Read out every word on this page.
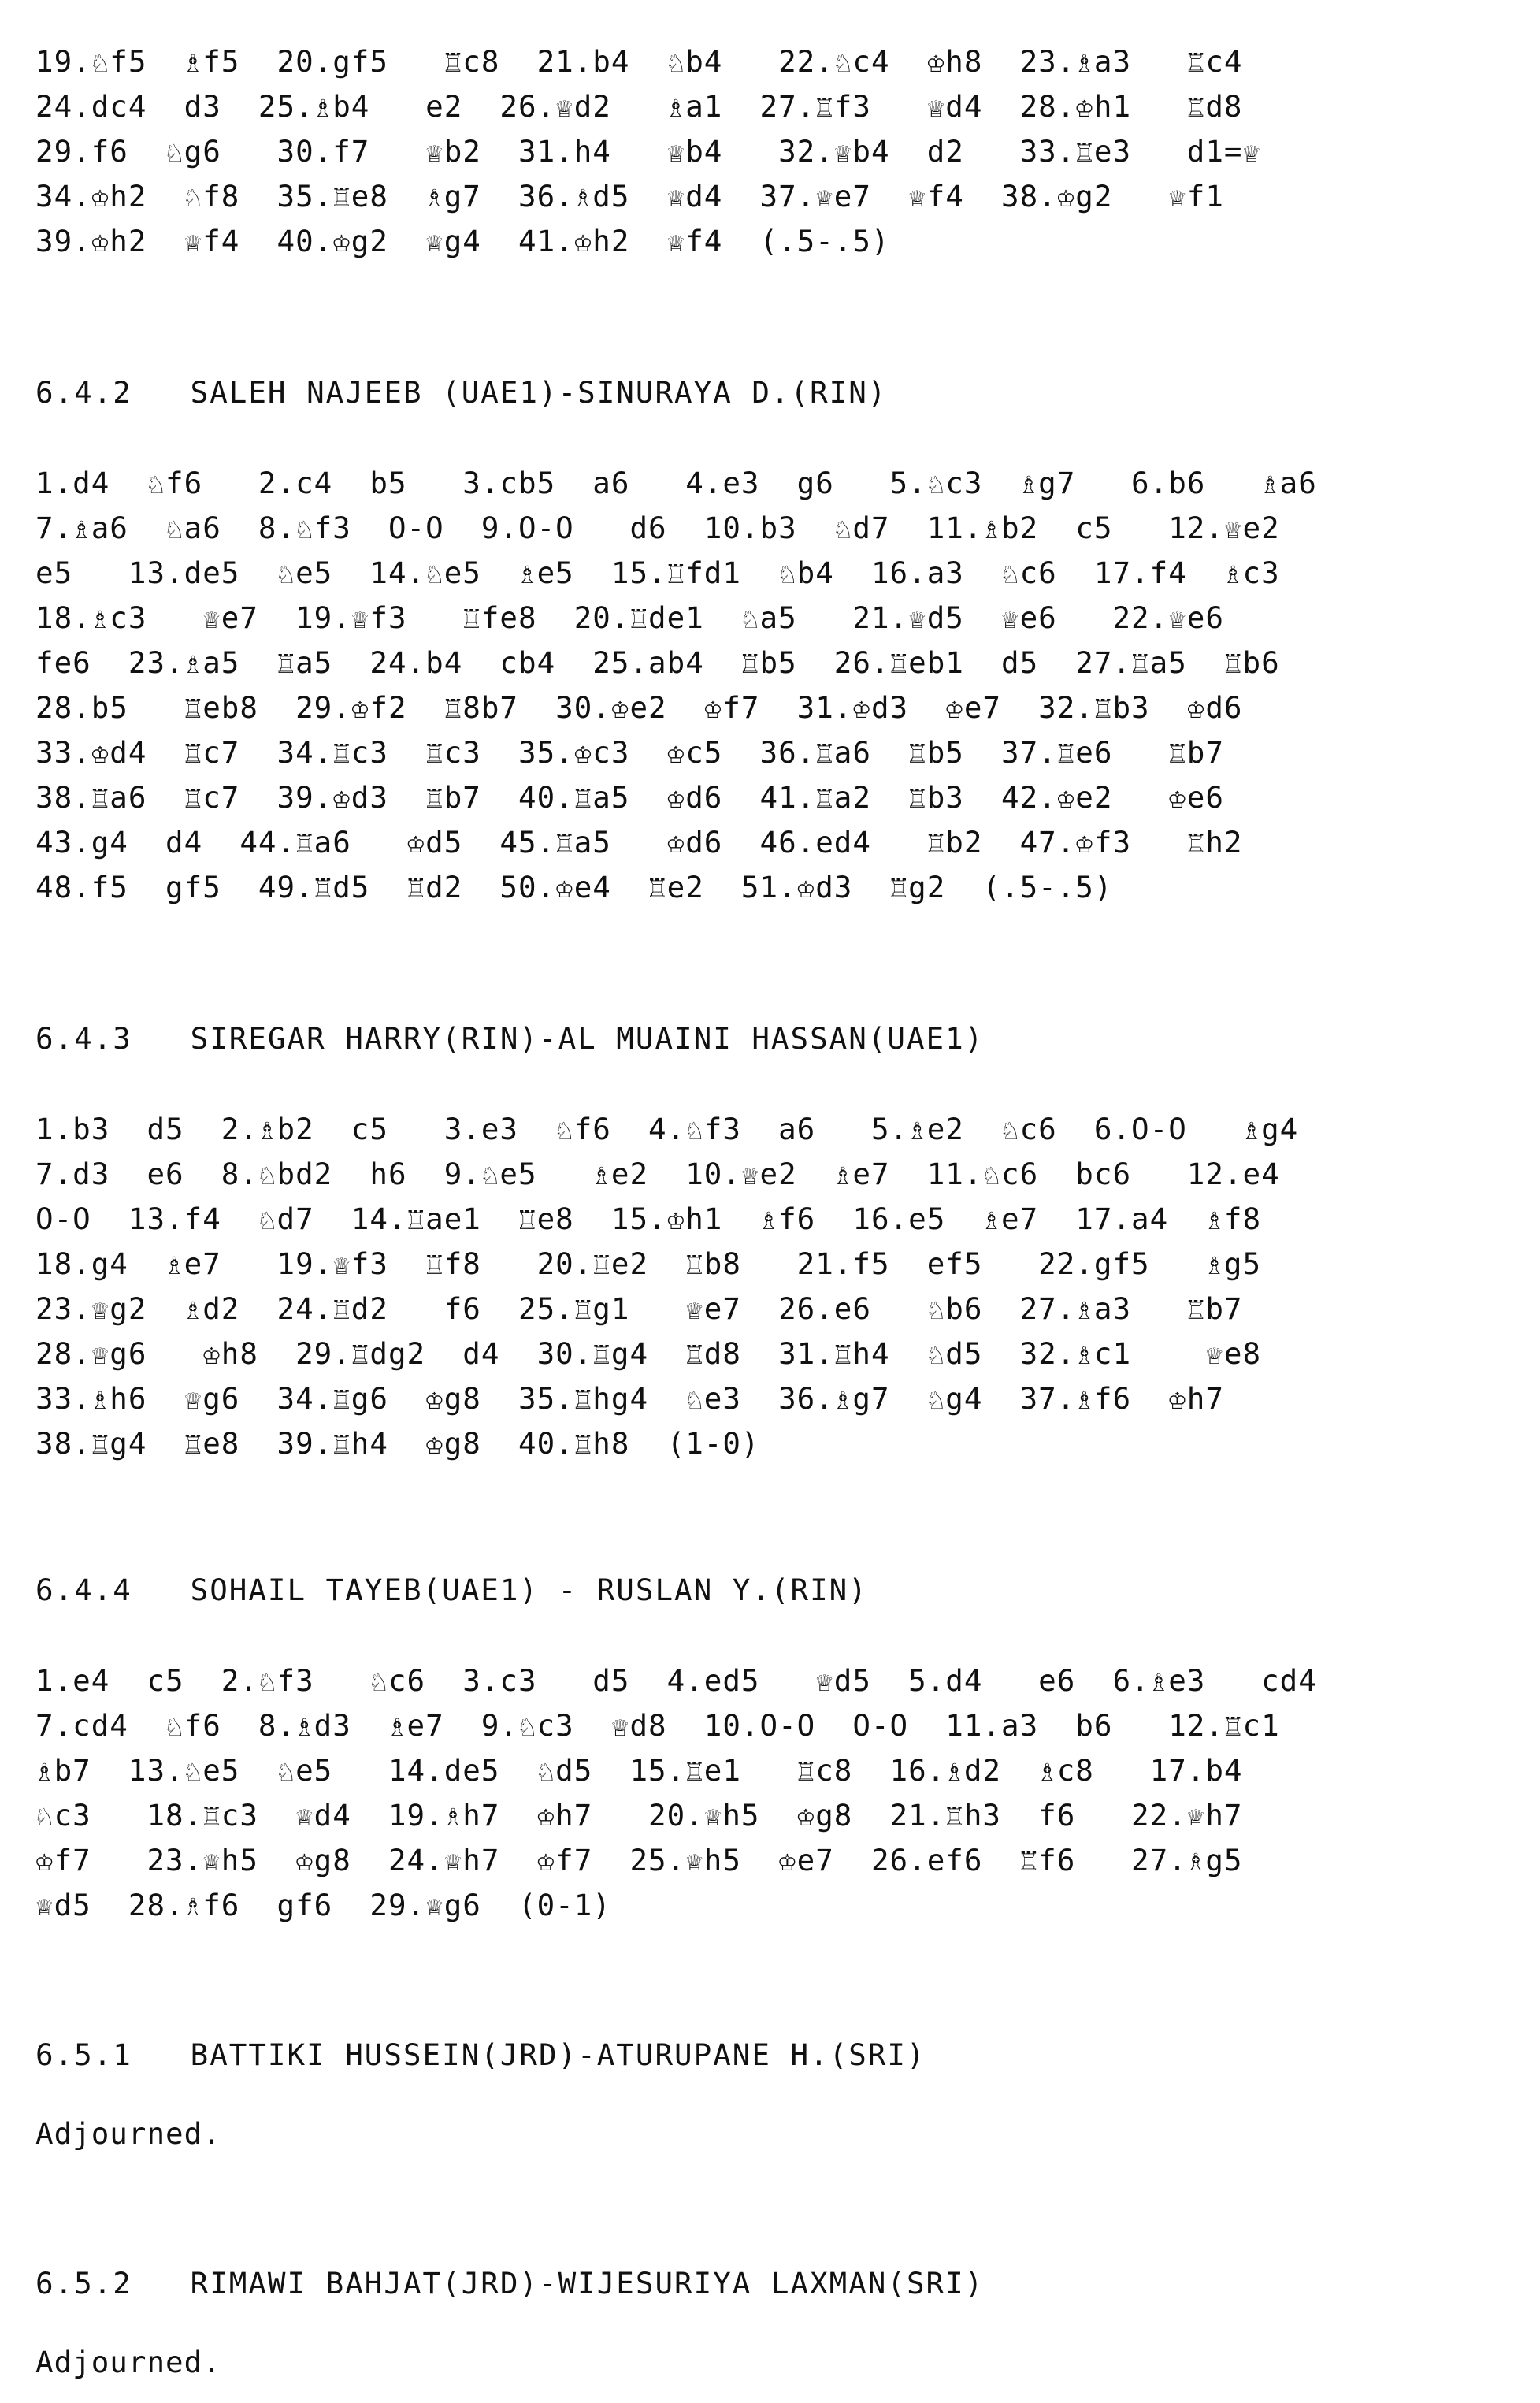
19.♘f5  ♗f5  20.gf5   ♖c8  21.b4  ♘b4   22.♘c4  ♔h8  23.♗a3   ♖c4
24.dc4  d3  25.♗b4   e2  26.♕d2   ♗a1  27.♖f3   ♕d4  28.♔h1   ♖d8
29.f6  ♘g6   30.f7   ♕b2  31.h4   ♕b4   32.♕b4  d2   33.♖e3   d1=♕
34.♔h2  ♘f8  35.♖e8  ♗g7  36.♗d5  ♕d4  37.♕e7  ♕f4  38.♔g2   ♕f1
39.♔h2  ♕f4  40.♔g2  ♕g4  41.♔h2  ♕f4  (.5-.5)
6.4.2   SALEH NAJEEB (UAE1)-SINURAYA D.(RIN)
1.d4  ♘f6   2.c4  b5   3.cb5  a6   4.e3  g6   5.♘c3  ♗g7   6.b6   ♗a6
7.♗a6  ♘a6  8.♘f3  O-O  9.O-O   d6  10.b3  ♘d7  11.♗b2  c5   12.♕e2
e5   13.de5  ♘e5  14.♘e5  ♗e5  15.♖fd1  ♘b4  16.a3  ♘c6  17.f4  ♗c3
18.♗c3   ♕e7  19.♕f3   ♖fe8  20.♖de1  ♘a5   21.♕d5  ♕e6   22.♕e6
fe6  23.♗a5  ♖a5  24.b4  cb4  25.ab4  ♖b5  26.♖eb1  d5  27.♖a5  ♖b6
28.b5   ♖eb8  29.♔f2  ♖8b7  30.♔e2  ♔f7  31.♔d3  ♔e7  32.♖b3  ♔d6
33.♔d4  ♖c7  34.♖c3  ♖c3  35.♔c3  ♔c5  36.♖a6  ♖b5  37.♖e6   ♖b7
38.♖a6  ♖c7  39.♔d3  ♖b7  40.♖a5  ♔d6  41.♖a2  ♖b3  42.♔e2   ♔e6
43.g4  d4  44.♖a6   ♔d5  45.♖a5   ♔d6  46.ed4   ♖b2  47.♔f3   ♖h2
48.f5  gf5  49.♖d5  ♖d2  50.♔e4  ♖e2  51.♔d3  ♖g2  (.5-.5)
6.4.3   SIREGAR HARRY(RIN)-AL MUAINI HASSAN(UAE1)
1.b3  d5  2.♗b2  c5   3.e3  ♘f6  4.♘f3  a6   5.♗e2  ♘c6  6.O-O   ♗g4
7.d3  e6  8.♘bd2  h6  9.♘e5   ♗e2  10.♕e2  ♗e7  11.♘c6  bc6   12.e4
O-O  13.f4  ♘d7  14.♖ae1  ♖e8  15.♔h1  ♗f6  16.e5  ♗e7  17.a4  ♗f8
18.g4  ♗e7   19.♕f3  ♖f8   20.♖e2  ♖b8   21.f5  ef5   22.gf5   ♗g5
23.♕g2  ♗d2  24.♖d2   f6  25.♖g1   ♕e7  26.e6   ♘b6  27.♗a3   ♖b7
28.♕g6   ♔h8  29.♖dg2  d4  30.♖g4  ♖d8  31.♖h4  ♘d5  32.♗c1    ♕e8
33.♗h6  ♕g6  34.♖g6  ♔g8  35.♖hg4  ♘e3  36.♗g7  ♘g4  37.♗f6  ♔h7
38.♖g4  ♖e8  39.♖h4  ♔g8  40.♖h8  (1-0)
6.4.4   SOHAIL TAYEB(UAE1) - RUSLAN Y.(RIN)
1.e4  c5  2.♘f3   ♘c6  3.c3   d5  4.ed5   ♕d5  5.d4   e6  6.♗e3   cd4
7.cd4  ♘f6  8.♗d3  ♗e7  9.♘c3  ♕d8  10.O-O  O-O  11.a3  b6   12.♖c1
♗b7  13.♘e5  ♘e5   14.de5  ♘d5  15.♖e1   ♖c8  16.♗d2  ♗c8   17.b4
♘c3   18.♖c3  ♕d4  19.♗h7  ♔h7   20.♕h5  ♔g8  21.♖h3  f6   22.♕h7
♔f7   23.♕h5  ♔g8  24.♕h7  ♔f7  25.♕h5  ♔e7  26.ef6  ♖f6   27.♗g5
♕d5  28.♗f6  gf6  29.♕g6  (0-1)
6.5.1   BATTIKI HUSSEIN(JRD)-ATURUPANE H.(SRI)
Adjourned.
6.5.2   RIMAWI BAHJAT(JRD)-WIJESURIYA LAXMAN(SRI)
Adjourned.
